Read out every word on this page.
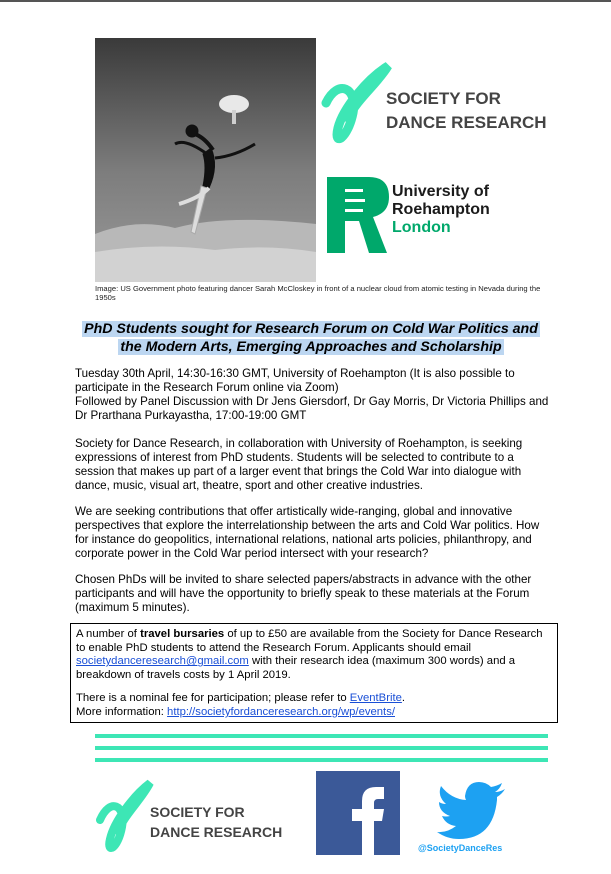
Image: US Government photo featuring dancer Sarah McCloskey in front of a nuclear cloud from atomic testing in Nevada during the 1950s
SOCIETY FOR
DANCE RESEARCH
University of
Roehampton
London
PhD Students sought for Research Forum on Cold War Politics and
the Modern Arts, Emerging Approaches and Scholarship
Tuesday 30th April, 14:30-16:30 GMT, University of Roehampton (It is also possible to participate in the Research Forum online via Zoom)
Followed by Panel Discussion with Dr Jens Giersdorf, Dr Gay Morris, Dr Victoria Phillips and Dr Prarthana Purkayastha, 17:00-19:00 GMT
Society for Dance Research, in collaboration with University of Roehampton, is seeking expressions of interest from PhD students. Students will be selected to contribute to a session that makes up part of a larger event that brings the Cold War into dialogue with dance, music, visual art, theatre, sport and other creative industries.
We are seeking contributions that offer artistically wide-ranging, global and innovative perspectives that explore the interrelationship between the arts and Cold War politics. How for instance do geopolitics, international relations, national arts policies, philanthropy, and corporate power in the Cold War period intersect with your research?
Chosen PhDs will be invited to share selected papers/abstracts in advance with the other participants and will have the opportunity to briefly speak to these materials at the Forum (maximum 5 minutes).
A number of travel bursaries of up to £50 are available from the Society for Dance Research to enable PhD students to attend the Research Forum. Applicants should email societydanceresearch@gmail.com with their research idea (maximum 300 words) and a breakdown of travels costs by 1 April 2019.
There is a nominal fee for participation; please refer to EventBrite.
More information: http://societyfordanceresearch.org/wp/events/
SOCIETY FOR
DANCE RESEARCH
@SocietyDanceRes
